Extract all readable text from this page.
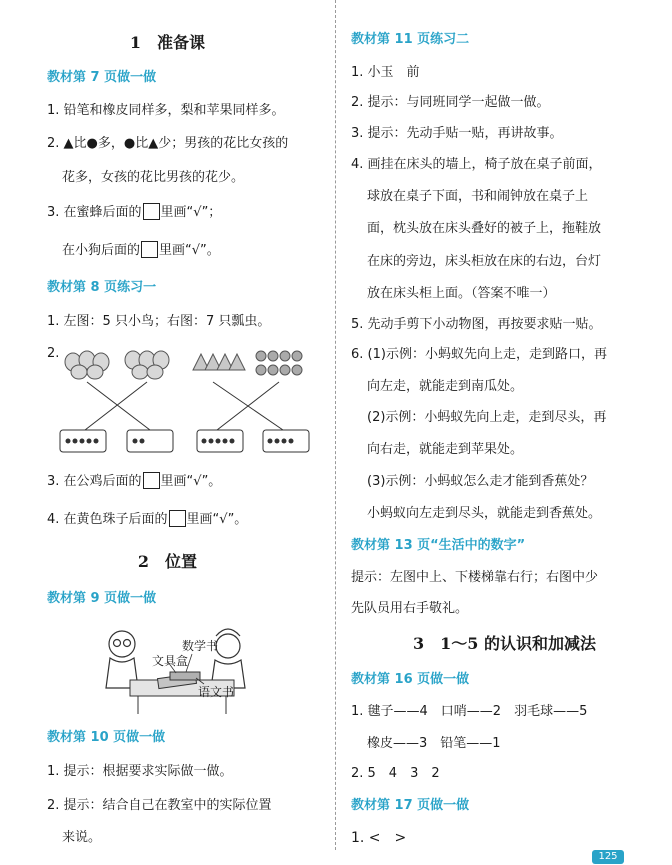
1　准备课
教材第 7 页做一做
1. 铅笔和橡皮同样多，梨和苹果同样多。
2. ▲比●多，●比▲少；男孩的花比女孩的
花多，女孩的花比男孩的花少。
3. 在蜜蜂后面的 里画“√”；
在小狗后面的 里画“√”。
教材第 8 页练习一
1. 左图：5 只小鸟；右图：7 只瓢虫。
2.
3. 在公鸡后面的 里画“√”。
4. 在黄色珠子后面的 里画“√”。
2　位置
教材第 9 页做一做
数学书
文具盒
语文书
教材第 10 页做一做
1. 提示：根据要求实际做一做。
2. 提示：结合自己在教室中的实际位置
来说。
教材第 11 页练习二
1. 小玉　前
2. 提示：与同班同学一起做一做。
3. 提示：先动手贴一贴，再讲故事。
4. 画挂在床头的墙上，椅子放在桌子前面，
球放在桌子下面，书和闹钟放在桌子上
面，枕头放在床头叠好的被子上，拖鞋放
在床的旁边，床头柜放在床的右边，台灯
放在床头柜上面。（答案不唯一）
5. 先动手剪下小动物图，再按要求贴一贴。
6. (1)示例：小蚂蚁先向上走，走到路口，再
向左走，就能走到南瓜处。
(2)示例：小蚂蚁先向上走，走到尽头，再
向右走，就能走到苹果处。
(3)示例：小蚂蚁怎么走才能到香蕉处？
小蚂蚁向左走到尽头，就能走到香蕉处。
教材第 13 页“生活中的数字”
提示：左图中上、下楼梯靠右行；右图中少
先队员用右手敬礼。
3　1～5 的认识和加减法
教材第 16 页做一做
1. 毽子——4　口哨——2　羽毛球——5
橡皮——3　铅笔——1
2. 5　4　3　2
教材第 17 页做一做
1. <　>
125
